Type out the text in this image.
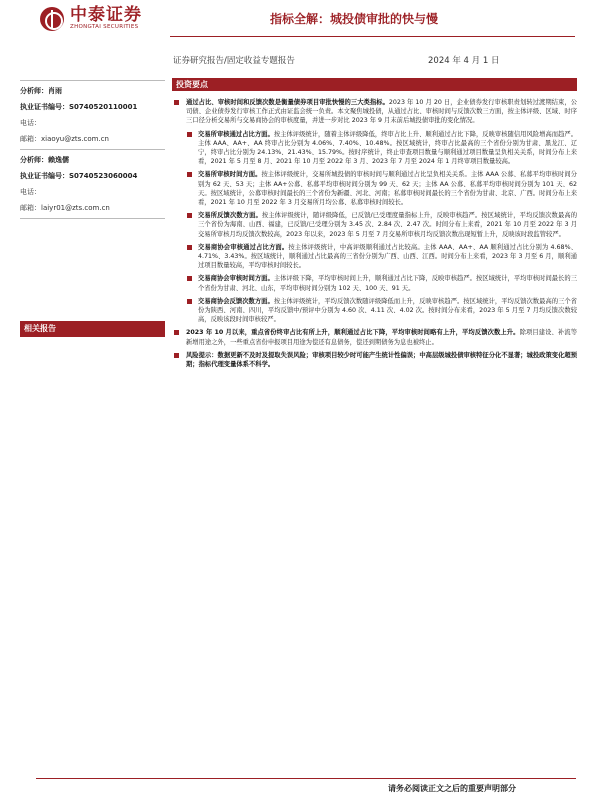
中泰证券
ZHONGTAI SECURITIES
指标全解：城投债审批的快与慢
证券研究报告/固定收益专题报告	2024 年 4 月 1 日
分析师：肖雨
执业证书编号：S0740520110001
电话：
邮箱：xiaoyu@zts.com.cn
分析师：赖逸儒
执业证书编号：S0740523060004
电话：
邮箱：laiyr01@zts.com.cn
相关报告
投资要点
通过占比、审核时间和反馈次数是衡量债券项目审批快慢的三大类指标。2023 年 10 月 20 日，企业债券发行审核职责划转过渡期结束，公司债、企业债券发行审核工作正式由证监会统一负责。本文聚焦城投债，从通过占比、审核时间与反馈次数三方面，按主体评级、区域、时序三口径分析交易所与交易商协会的审核度量，并进一步对比 2023 年 9 月末前后城投债审批的变化情况。
交易所审核通过占比方面。按主体评级统计，随着主体评级降低，终审占比上升、顺利通过占比下降，反映审核随信用风险增高而趋严。主体 AAA、AA+、AA 终审占比分别为 4.06%、7.40%、10.48%。按区域统计，终审占比最高的三个省份分别为甘肃、黑龙江、辽宁，终审占比分别为 24.13%、21.43%、15.79%。按时序统计，终止审查项目数量与顺利通过项目数量呈负相关关系，时间分布上来看，2021 年 5 月至 8 月、2021 年 10 月至 2022 年 3 月、2023 年 7 月至 2024 年 1 月终审项目数量较高。
交易所审核时间方面。按主体评级统计，交易所城投债的审核时间与顺利通过占比呈负相关关系。主体 AAA 公募、私募平均审核时间分别为 62 天、53 天；主体 AA+公募、私募平均审核时间分别为 99 天、62 天；主体 AA 公募、私募平均审核时间分别为 101 天、62 天。按区域统计，公募审核时间最长的三个省份为新疆、河北、河南；私募审核时间最长的三个省份为甘肃、北京、广西。时间分布上来看，2021 年 10 月至 2022 年 3 月交易所月均公募、私募审核时间较长。
交易所反馈次数方面。按主体评级统计，随评级降低，已反馈/已受理度量指标上升，反映审核趋严。按区域统计，平均反馈次数最高的三个省份为海南、山西、福建，已反馈/已受理分别为 3.45 次、2.84 次、2.47 次。时间分布上来看，2021 年 10 月至 2022 年 3 月交易所审核月均反馈次数较高，2023 年以来，2023 年 5 月至 7 月交易所审核月均反馈次数出现短暂上升，反映该时段监管较严。
交易商协会审核通过占比方面。按主体评级统计，中高评级顺利通过占比较高。主体 AAA、AA+、AA 顺利通过占比分别为 4.68%、4.71%、3.43%。按区域统计，顺利通过占比最高的三省份分别为广西、山西、江西。时间分布上来看，2023 年 3 月至 6 月，顺利通过项目数量较高，平均审核时间较长。
交易商协会审核时间方面。主体评级下降，平均审核时间上升，顺利通过占比下降，反映审核趋严。按区域统计，平均审核时间最长的三个省份为甘肃、河北、山东，平均审核时间分别为 102 天、100 天、91 天。
交易商协会反馈次数方面。按主体评级统计，平均反馈次数随评级降低而上升，反映审核趋严。按区域统计，平均反馈次数最高的三个省份为陕西、河南、四川，平均反馈中/预评中分别为 4.60 次、4.11 次、4.02 次。按时间分布来看，2023 年 5 月至 7 月均反馈次数较高，反映该段时间审核较严。
2023 年 10 月以来，重点省份终审占比有所上升，顺利通过占比下降，平均审核时间略有上升，平均反馈次数上升。除项目建设、补流等新增用途之外，一些重点省份申报项目用途为偿还有息债务，偿还到期债务为息也被终止。
风险提示：数据更新不及时及提取失误风险；审核项目较少时可能产生统计性偏误；中高层级城投债审核特征分化不显著；城投政策变化超预期；指标代理变量体系不科学。
请务必阅读正文之后的重要声明部分
